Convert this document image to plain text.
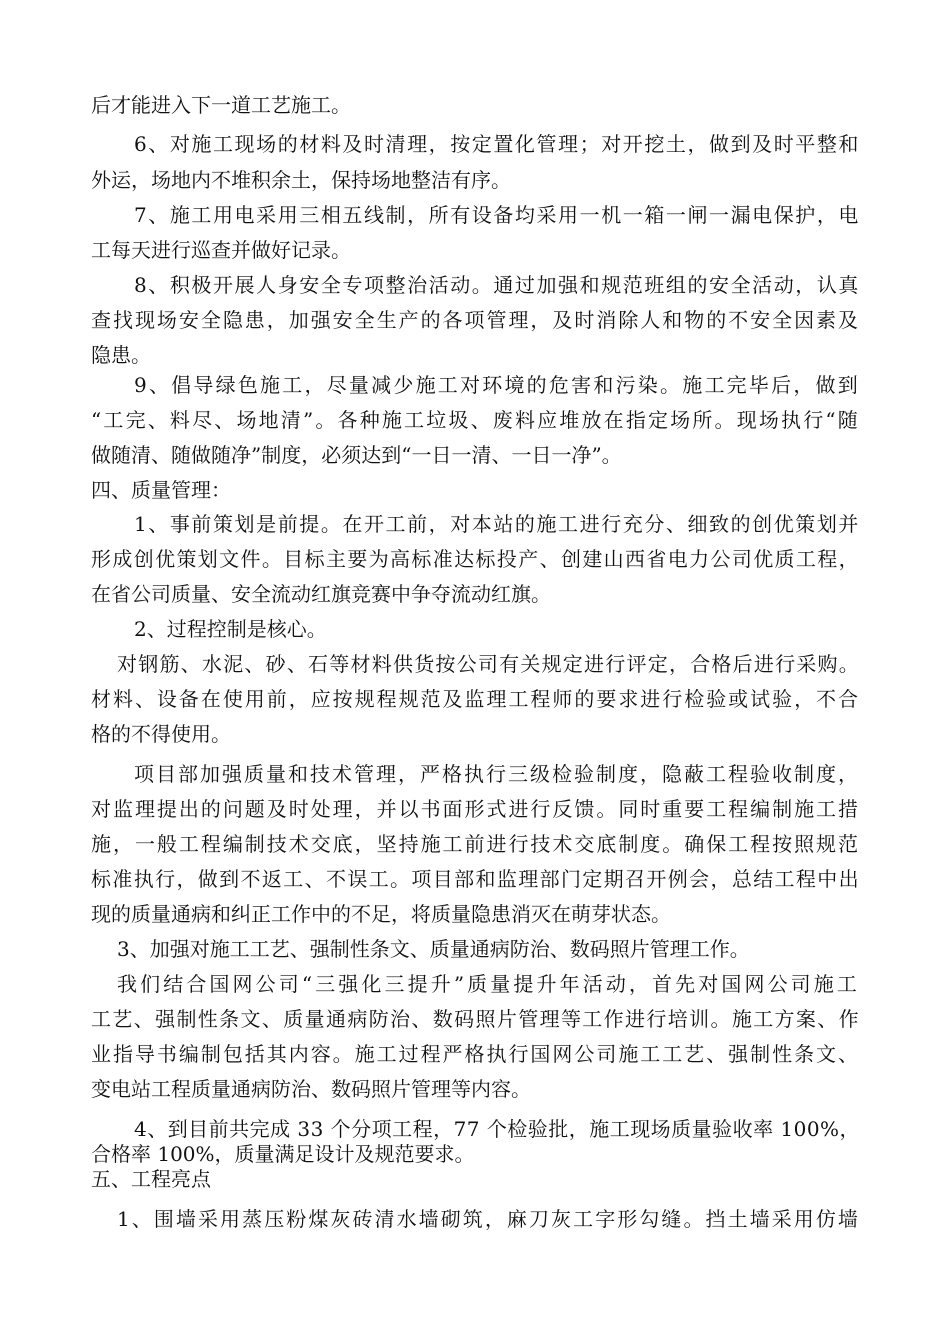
后才能进入下一道工艺施工。
6、对施工现场的材料及时清理，按定置化管理；对开挖土，做到及时平整和
外运，场地内不堆积余土，保持场地整洁有序。
7、施工用电采用三相五线制，所有设备均采用一机一箱一闸一漏电保护，电
工每天进行巡查并做好记录。
8、积极开展人身安全专项整治活动。通过加强和规范班组的安全活动，认真
查找现场安全隐患，加强安全生产的各项管理，及时消除人和物的不安全因素及
隐患。
9、倡导绿色施工，尽量减少施工对环境的危害和污染。施工完毕后，做到
“工完、料尽、场地清”。各种施工垃圾、废料应堆放在指定场所。现场执行“随
做随清、随做随净”制度，必须达到“一日一清、一日一净”。
四、质量管理：
1、事前策划是前提。在开工前，对本站的施工进行充分、细致的创优策划并
形成创优策划文件。目标主要为高标准达标投产、创建山西省电力公司优质工程，
在省公司质量、安全流动红旗竞赛中争夺流动红旗。
2、过程控制是核心。
对钢筋、水泥、砂、石等材料供货按公司有关规定进行评定，合格后进行采购。
材料、设备在使用前，应按规程规范及监理工程师的要求进行检验或试验，不合
格的不得使用。
项目部加强质量和技术管理，严格执行三级检验制度，隐蔽工程验收制度，
对监理提出的问题及时处理，并以书面形式进行反馈。同时重要工程编制施工措
施，一般工程编制技术交底，坚持施工前进行技术交底制度。确保工程按照规范
标准执行，做到不返工、不误工。项目部和监理部门定期召开例会，总结工程中出
现的质量通病和纠正工作中的不足，将质量隐患消灭在萌芽状态。
3、加强对施工工艺、强制性条文、质量通病防治、数码照片管理工作。
我们结合国网公司“三强化三提升”质量提升年活动，首先对国网公司施工
工艺、强制性条文、质量通病防治、数码照片管理等工作进行培训。施工方案、作
业指导书编制包括其内容。施工过程严格执行国网公司施工工艺、强制性条文、
变电站工程质量通病防治、数码照片管理等内容。
4、到目前共完成 33 个分项工程，77 个检验批，施工现场质量验收率 100%，
合格率 100%，质量满足设计及规范要求。
五、工程亮点
1、围墙采用蒸压粉煤灰砖清水墙砌筑，麻刀灰工字形勾缝。挡土墙采用仿墙
